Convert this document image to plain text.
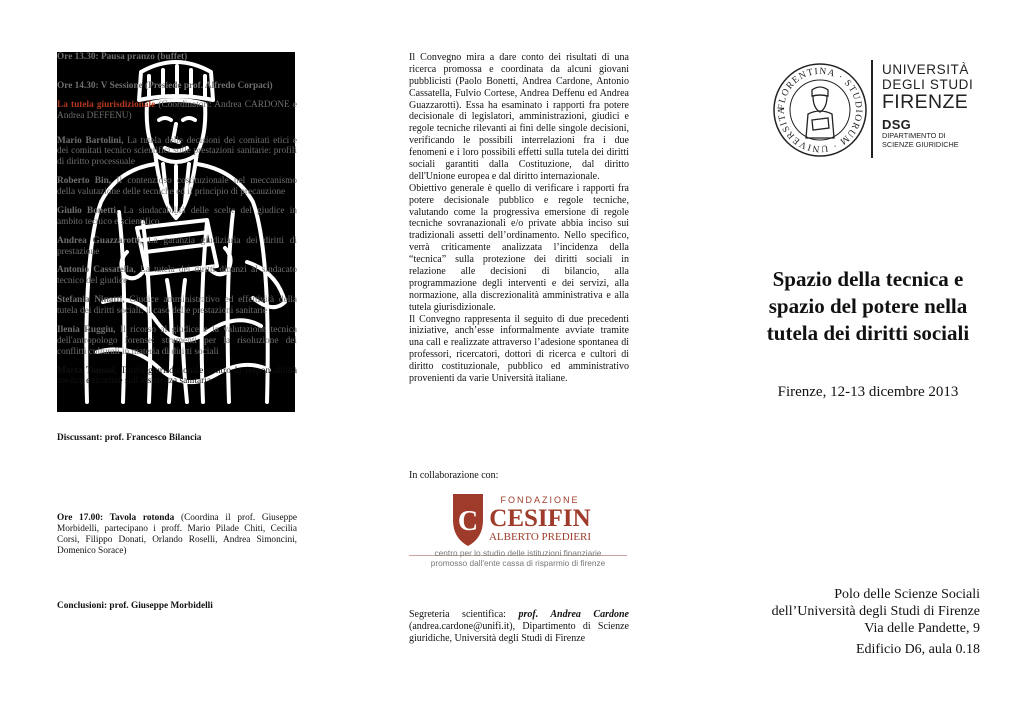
Ore 13.30: Pausa pranzo (buffet)
Ore 14.30: V Sessione (Presiede prof. Alfredo Corpaci)
La tutela giurisdizionale (Coordinatori: Andrea CARDONE e Andrea DEFFENU)
Mario Bartolini, La tutela delle decisioni dei comitati etici e dei comitati tecnico scientifici sulle prestazioni sanitarie: profili di diritto processuale
Roberto Bin, Il contenzioso costituzionale nel meccanismo della valutazione delle tecniche ed il principio di precauzione
Giulio Bonetti, La sindacabilità delle scelte del giudice in ambito tecnico e scientifico
Andrea Guazzarotti, La garanzia giudiziaria dei diritti di prestazione
Antonio Cassatella, La tutela dei diritti dinanzi al sindacato tecnico del giudice
Stefania Ninatti, Giudice amministrativo ed effettività della tutela dei diritti sociali: il caso delle prestazioni sanitarie
Ilenia Ruggiu, Il ricorso al giudice e la valutazione tecnica dell'antropologo forense: strumenti per la risoluzione dei conflitti culturali in materia di diritti sociali
Marta Tomasi, Tutela giurisdizionale contro la responsabilità medica e ricadute sull'assistenza sanitaria
Discussant: prof. Francesco Bilancia
Ore 17.00: Tavola rotonda (Coordina il prof. Giuseppe Morbidelli, partecipano i proff. Mario Pilade Chiti, Cecilia Corsi, Filippo Donati, Orlando Roselli, Andrea Simoncini, Domenico Sorace)
Conclusioni: prof. Giuseppe Morbidelli

Il Convegno mira a dare conto dei risultati di una ricerca promossa e coordinata da alcuni giovani pubblicisti (Paolo Bonetti, Andrea Cardone, Antonio Cassatella, Fulvio Cortese, Andrea Deffenu ed Andrea Guazzarotti). Essa ha esaminato i rapporti fra potere decisionale di legislatori, amministrazioni, giudici e regole tecniche rilevanti ai fini delle singole decisioni, verificando le possibili interrelazioni fra i due fenomeni e i loro possibili effetti sulla tutela dei diritti sociali garantiti dalla Costituzione, dal diritto dell'Unione europea e dal diritto internazionale.

Obiettivo generale è quello di verificare i rapporti fra potere decisionale pubblico e regole tecniche, valutando come la progressiva emersione di regole tecniche sovranazionali e/o private abbia inciso sui tradizionali assetti dell’ordinamento. Nello specifico, verrà criticamente analizzata l’incidenza della “tecnica” sulla protezione dei diritti sociali in relazione alle decisioni di bilancio, alla programmazione degli interventi e dei servizi, alla normazione, alla discrezionalità amministrativa e alla tutela giurisdizionale.

Il Convegno rappresenta il seguito di due precedenti iniziative, anch’esse informalmente avviate tramite una call e realizzate attraverso l’adesione spontanea di professori, ricercatori, dottori di ricerca e cultori di diritto costituzionale, pubblico ed amministrativo provenienti da varie Università italiane.

In collaborazione con:
C
FONDAZIONE
CESIFIN
ALBERTO PREDIERI
centro per lo studio delle istituzioni finanziarie
promosso dall'ente cassa di risparmio di firenze
Segreteria scientifica: prof. Andrea Cardone (andrea.cardone@unifi.it), Dipartimento di Scienze giuridiche, Università degli Studi di Firenze
FLORENTINA · STUDIORUM · UNIVERSITA
UNIVERSITÀ
DEGLI STUDI
FIRENZE
DSG
DIPARTIMENTO DI
SCIENZE GIURIDICHE
Spazio della tecnica e
spazio del potere nella
tutela dei diritti sociali
Firenze, 12-13 dicembre 2013
Polo delle Scienze Sociali
dell’Università degli Studi di Firenze
Via delle Pandette, 9
Edificio D6, aula 0.18
